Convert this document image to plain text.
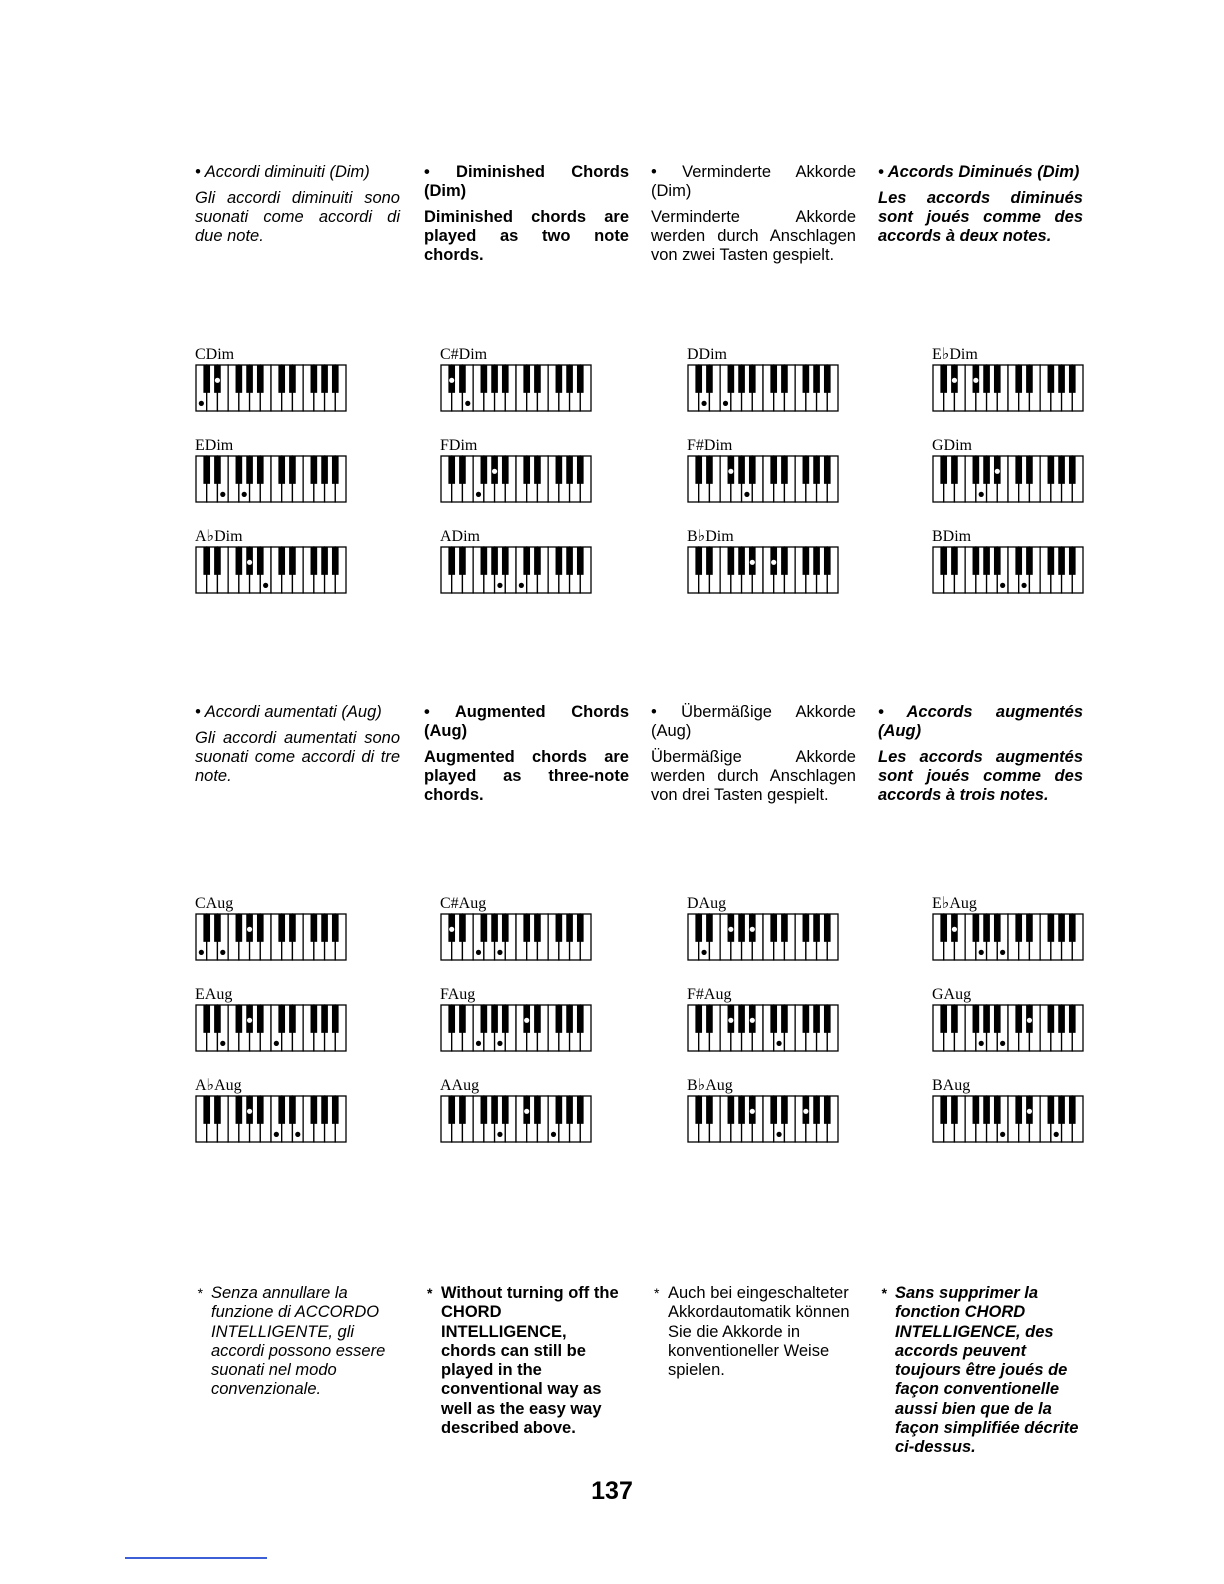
• Accordi diminuiti (Dim)

Gli accordi diminuiti sono suonati come accordi di due note.

• Diminished Chords (Dim)

Diminished chords are played as two note chords.

• Verminderte Akkorde (Dim)

Verminderte Akkorde werden durch Anschlagen von zwei Tasten gespielt.

• Accords Diminués (Dim)

Les accords diminués sont joués comme des accords à deux notes.

• Accordi aumentati (Aug)

Gli accordi aumentati sono suonati come accordi di tre note.

• Augmented Chords (Aug)

Augmented chords are played as three-note chords.

• Übermäßige Akkorde (Aug)

Übermäßige Akkorde werden durch Anschlagen von drei Tasten gespielt.

• Accords augmentés (Aug)

Les accords augmentés sont joués comme des accords à trois notes.

CDim	C#Dim	DDim	E♭Dim
EDim	FDim	F#Dim	GDim
A♭Dim	ADim	B♭Dim	BDim
CAug	C#Aug	DAug	E♭Aug
EAug	FAug	F#Aug	GAug
A♭Aug	AAug	B♭Aug	BAug
* Senza annullare la funzione di ACCORDO INTELLIGENTE, gli accordi possono essere suonati nel modo convenzionale.

* Without turning off the CHORD INTELLIGENCE, chords can still be played in the conventional way as well as the easy way described above.

* Auch bei eingeschalteter Akkordautomatik können Sie die Akkorde in konventioneller Weise spielen.

* Sans supprimer la fonction CHORD INTELLIGENCE, des accords peuvent toujours être joués de façon conventionelle aussi bien que de la façon simplifiée décrite ci-dessus.

137
